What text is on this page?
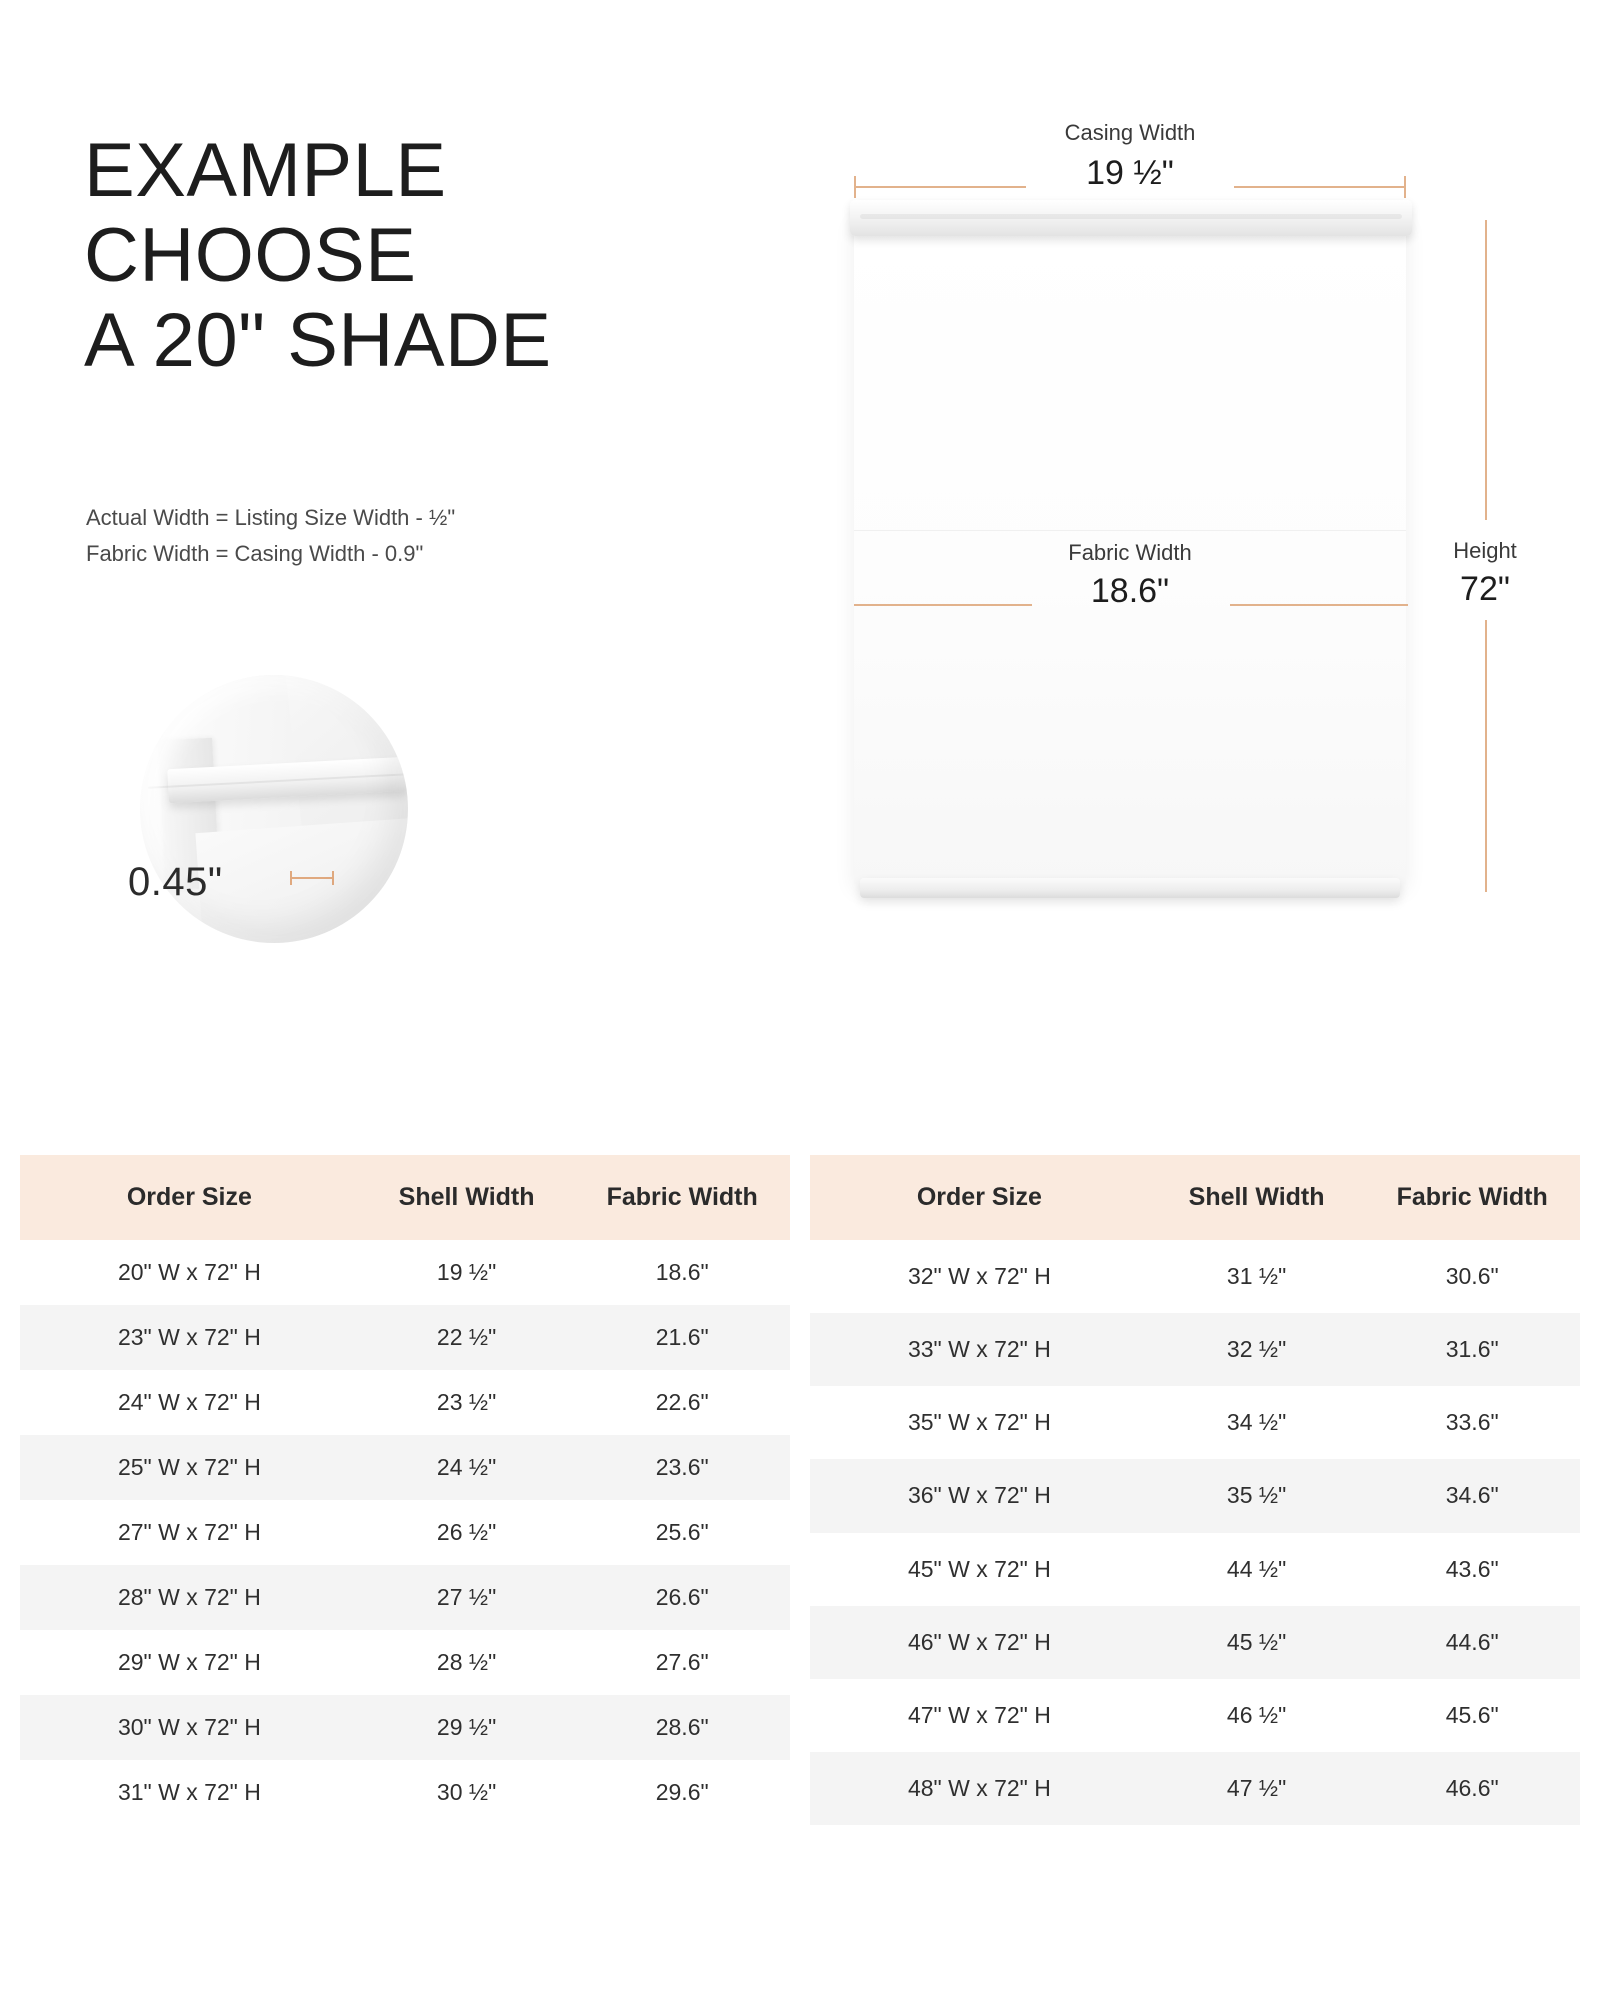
EXAMPLE
CHOOSE
A 20" SHADE
Actual Width = Listing Size Width - ½"
Fabric Width = Casing Width - 0.9"
0.45"
Casing Width
19 ½"
Fabric Width
18.6"
Height
72"
Order Size	Shell Width	Fabric Width
20" W x 72" H	19 ½"	18.6"
23" W x 72" H	22 ½"	21.6"
24" W x 72" H	23 ½"	22.6"
25" W x 72" H	24 ½"	23.6"
27" W x 72" H	26 ½"	25.6"
28" W x 72" H	27 ½"	26.6"
29" W x 72" H	28 ½"	27.6"
30" W x 72" H	29 ½"	28.6"
31" W x 72" H	30 ½"	29.6"
Order Size	Shell Width	Fabric Width
32" W x 72" H	31 ½"	30.6"
33" W x 72" H	32 ½"	31.6"
35" W x 72" H	34 ½"	33.6"
36" W x 72" H	35 ½"	34.6"
45" W x 72" H	44 ½"	43.6"
46" W x 72" H	45 ½"	44.6"
47" W x 72" H	46 ½"	45.6"
48" W x 72" H	47 ½"	46.6"
